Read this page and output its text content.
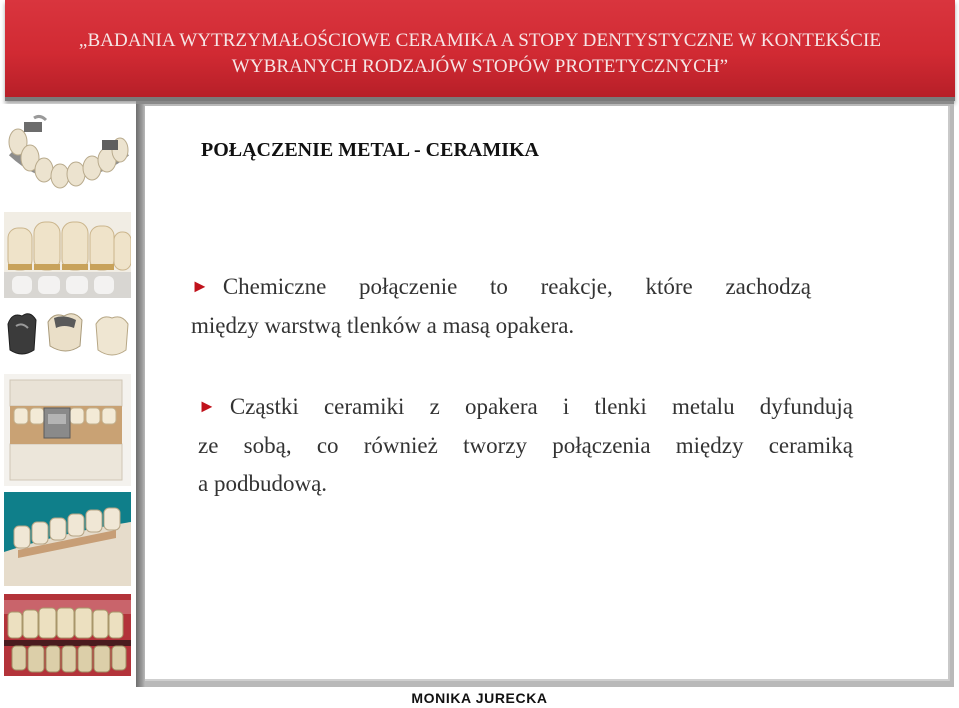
„BADANIA WYTRZYMAŁOŚCIOWE CERAMIKA A STOPY DENTYSTYCZNE W KONTEKŚCIE
WYBRANYCH RODZAJÓW STOPÓW PROTETYCZNYCH”
POŁĄCZENIE METAL - CERAMIKA
► Chemiczne połączenie to reakcje, które zachodzą
między warstwą tlenków a masą opakera.
► Cząstki ceramiki z opakera i tlenki metalu dyfundują
ze sobą, co również tworzy połączenia między ceramiką
a podbudową.
MONIKA JURECKA
